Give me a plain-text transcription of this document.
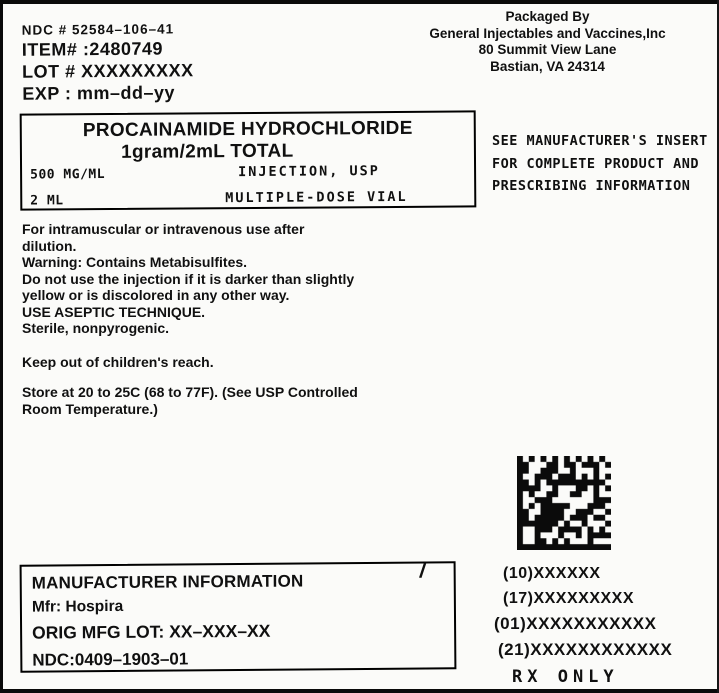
NDC # 52584–106–41
ITEM# :2480749
LOT # XXXXXXXXX
EXP : mm–dd–yy
Packaged By
General Injectables and Vaccines,Inc
80 Summit View Lane
Bastian, VA 24314
PROCAINAMIDE HYDROCHLORIDE
1gram/2mL TOTAL
500 MG/ML	INJECTION, USP
2 ML	MULTIPLE-DOSE VIAL
SEE MANUFACTURER'S INSERT
FOR COMPLETE PRODUCT AND
PRESCRIBING INFORMATION

For intramuscular or intravenous use after dilution.

Warning: Contains Metabisulfites.

Do not use the injection if it is darker than slightly yellow or is discolored in any other way.

USE ASEPTIC TECHNIQUE.

Sterile, nonpyrogenic.

Keep out of children's reach.

Store at 20 to 25C (68 to 77F). (See USP Controlled Room Temperature.)

MANUFACTURER INFORMATION
Mfr: Hospira
ORIG MFG LOT: XX–XXX–XX
NDC:0409–1903–01
/	(10)XXXXXX
(17)XXXXXXXXX
(01)XXXXXXXXXXX
(21)XXXXXXXXXXXX
RX ONLY
